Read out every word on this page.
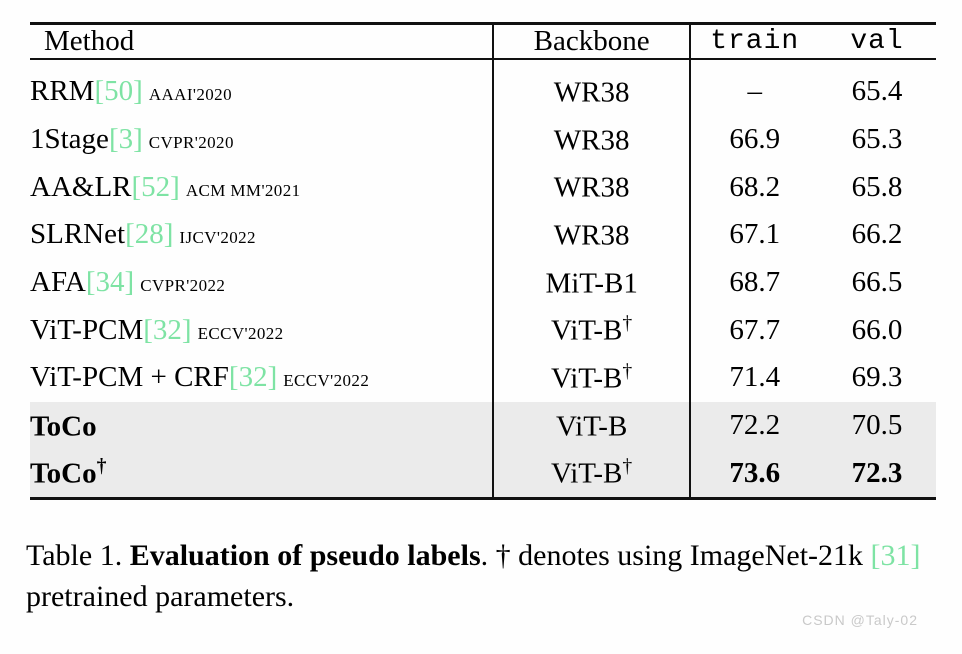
Method	Backbone	train	val
RRM[50] AAAI'2020	WR38	–	65.4
1Stage[3] CVPR'2020	WR38	66.9	65.3
AA&LR[52] ACM MM'2021	WR38	68.2	65.8
SLRNet[28] IJCV'2022	WR38	67.1	66.2
AFA[34] CVPR'2022	MiT-B1	68.7	66.5
ViT-PCM[32] ECCV'2022	ViT-B†	67.7	66.0
ViT-PCM + CRF[32] ECCV'2022	ViT-B†	71.4	69.3
ToCo	ViT-B	72.2	70.5
ToCo†	ViT-B†	73.6	72.3
Table 1. Evaluation of pseudo labels. † denotes using ImageNet-21k [31] pretrained parameters.
CSDN @Taly-02
